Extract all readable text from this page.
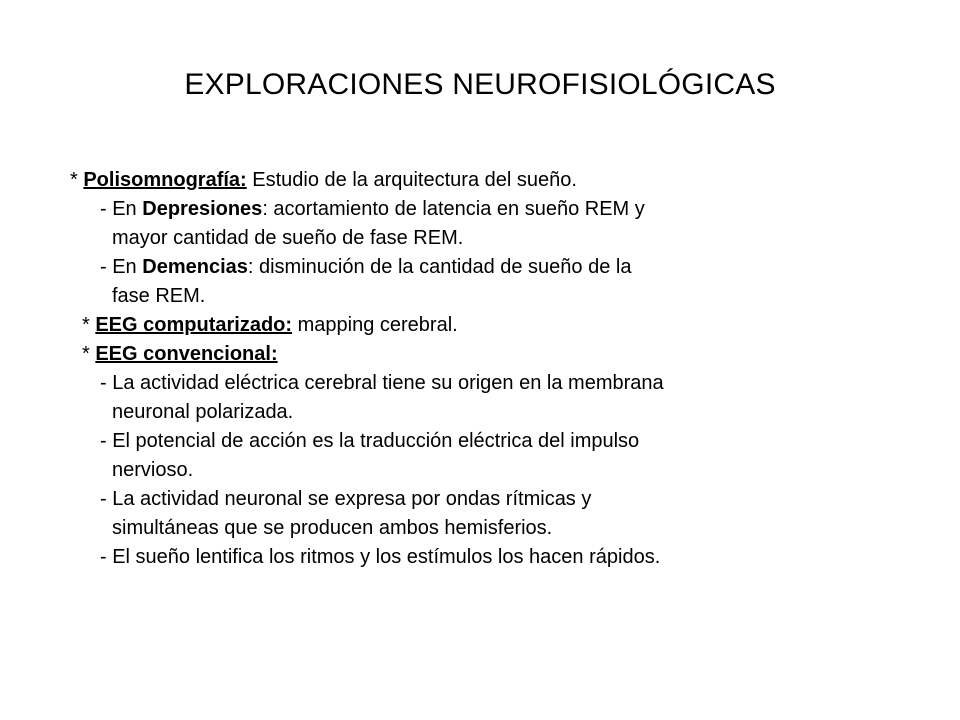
EXPLORACIONES NEUROFISIOLÓGICAS
* Polisomnografía: Estudio de la arquitectura del sueño.
- En Depresiones: acortamiento de latencia en sueño REM y
mayor cantidad de sueño de fase REM.
- En Demencias: disminución de la cantidad de sueño de la
fase REM.
* EEG computarizado: mapping cerebral.
* EEG convencional:
- La actividad eléctrica cerebral tiene su origen en la membrana
neuronal polarizada.
- El potencial de acción es la traducción eléctrica del impulso
nervioso.
- La actividad neuronal se expresa por ondas rítmicas y
simultáneas que se producen ambos hemisferios.
- El sueño lentifica los ritmos y los estímulos los hacen rápidos.
